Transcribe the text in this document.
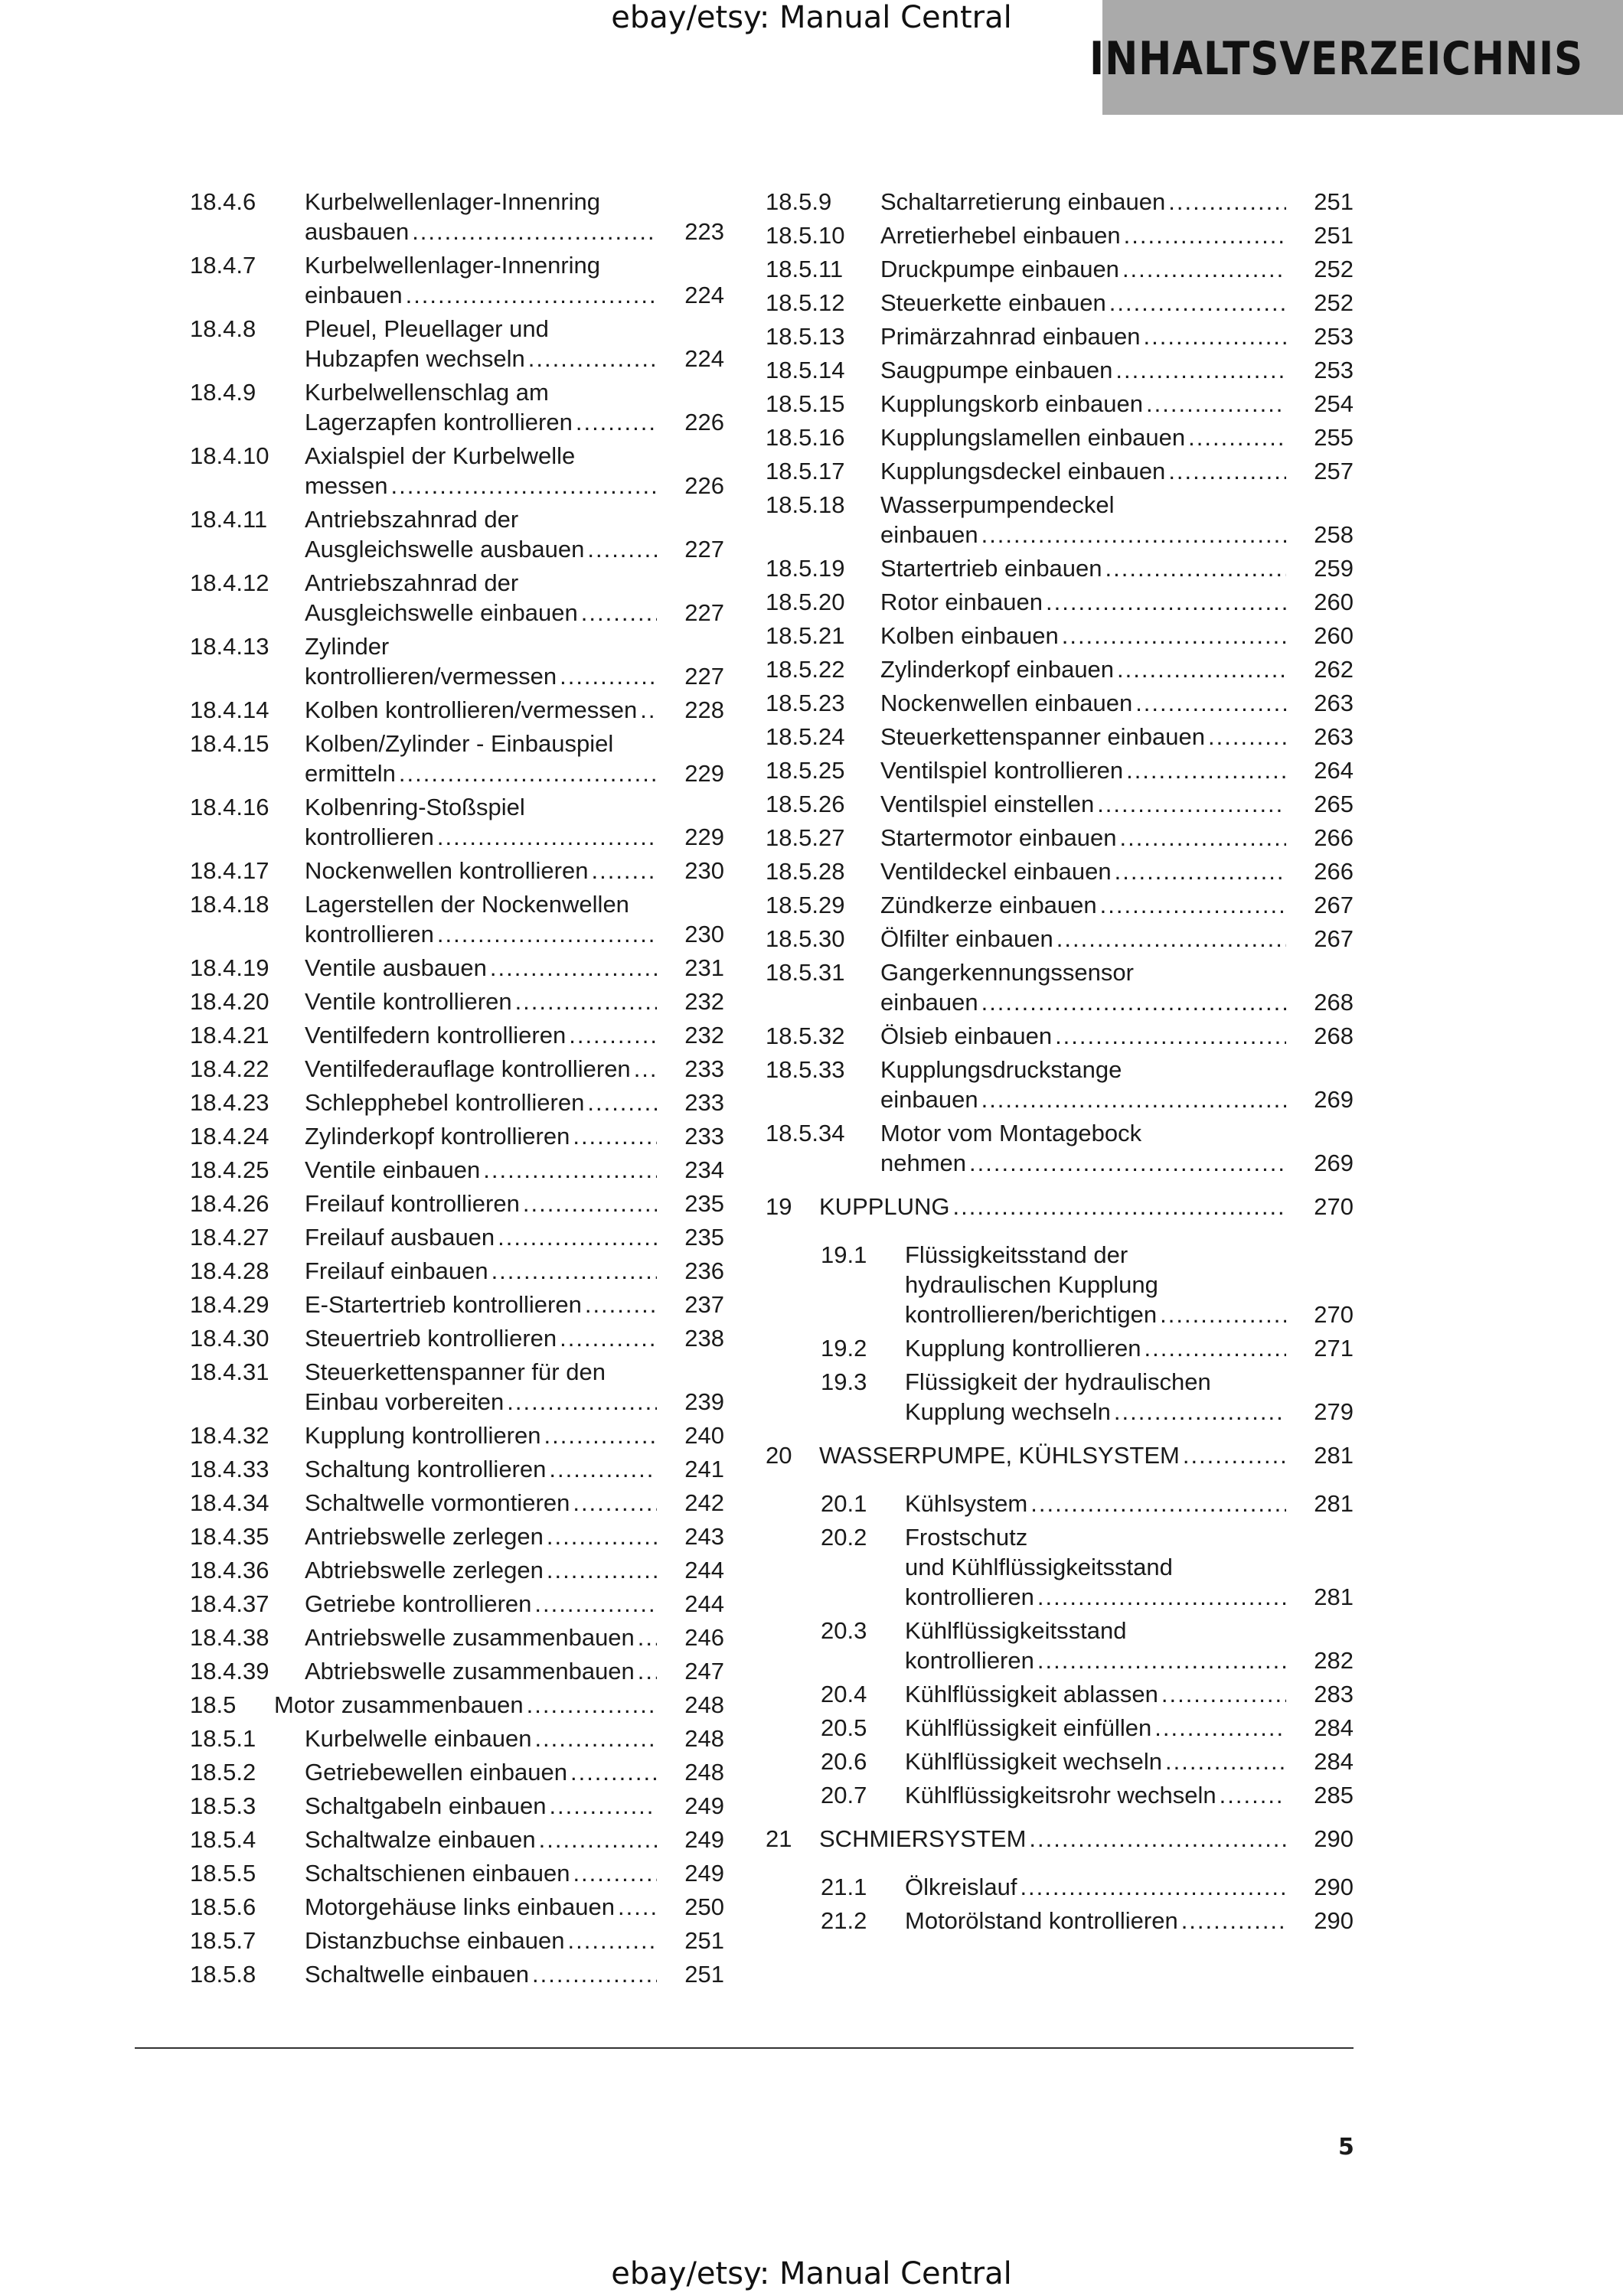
ebay/etsy: Manual Central
INHALTSVERZEICHNIS
18.4.6 Kurbelwellenlager-Innenring
ausbauen .....	223
18.4.7 Kurbelwellenlager-Innenring
einbauen .....	224
18.4.8 Pleuel, Pleuellager und
Hubzapfen wechseln .....	224
18.4.9 Kurbelwellenschlag am
Lagerzapfen kontrollieren .....	226
18.4.10 Axialspiel der Kurbelwelle
messen .....	226
18.4.11 Antriebszahnrad der
Ausgleichswelle ausbauen .....	227
18.4.12 Antriebszahnrad der
Ausgleichswelle einbauen .....	227
18.4.13 Zylinder
kontrollieren/vermessen .....	227
18.4.14 Kolben kontrollieren/vermessen ..... 228
18.4.15 Kolben/Zylinder - Einbauspiel
ermitteln .....	229
18.4.16 Kolbenring-Stoßspiel
kontrollieren .....	229
18.4.17 Nockenwellen kontrollieren .....	230
18.4.18 Lagerstellen der Nockenwellen
kontrollieren .....	230
18.4.19 Ventile ausbauen .....	231
18.4.20 Ventile kontrollieren .....	232
18.4.21 Ventilfedern kontrollieren .....	232
18.4.22 Ventilfederauflage kontrollieren ..... 233
18.4.23 Schlepphebel kontrollieren .....	233
18.4.24 Zylinderkopf kontrollieren .....	233
18.4.25 Ventile einbauen .....	234
18.4.26 Freilauf kontrollieren .....	235
18.4.27 Freilauf ausbauen .....	235
18.4.28 Freilauf einbauen .....	236
18.4.29 E-Startertrieb kontrollieren .....	237
18.4.30 Steuertrieb kontrollieren .....	238
18.4.31 Steuerkettenspanner für den
Einbau vorbereiten .....	239
18.4.32 Kupplung kontrollieren .....	240
18.4.33 Schaltung kontrollieren .....	241
18.4.34 Schaltwelle vormontieren .....	242
18.4.35 Antriebswelle zerlegen .....	243
18.4.36 Abtriebswelle zerlegen .....	244
18.4.37 Getriebe kontrollieren .....	244
18.4.38 Antriebswelle zusammenbauen ..... 246
18.4.39 Abtriebswelle zusammenbauen ..... 247
18.5 Motor zusammenbauen .....	248
18.5.1 Kurbelwelle einbauen .....	248
18.5.2 Getriebewellen einbauen .....	248
18.5.3 Schaltgabeln einbauen .....	249
18.5.4 Schaltwalze einbauen .....	249
18.5.5 Schaltschienen einbauen .....	249
18.5.6 Motorgehäuse links einbauen .....	250
18.5.7 Distanzbuchse einbauen .....	251
18.5.8 Schaltwelle einbauen .....	251
18.5.9 Schaltarretierung einbauen .....	251
18.5.10 Arretierhebel einbauen .....	251
18.5.11 Druckpumpe einbauen .....	252
18.5.12 Steuerkette einbauen .....	252
18.5.13 Primärzahnrad einbauen .....	253
18.5.14 Saugpumpe einbauen .....	253
18.5.15 Kupplungskorb einbauen .....	254
18.5.16 Kupplungslamellen einbauen .....	255
18.5.17 Kupplungsdeckel einbauen .....	257
18.5.18 Wasserpumpendeckel
einbauen .....	258
18.5.19 Startertrieb einbauen .....	259
18.5.20 Rotor einbauen .....	260
18.5.21 Kolben einbauen .....	260
18.5.22 Zylinderkopf einbauen .....	262
18.5.23 Nockenwellen einbauen .....	263
18.5.24 Steuerkettenspanner einbauen .....	263
18.5.25 Ventilspiel kontrollieren .....	264
18.5.26 Ventilspiel einstellen .....	265
18.5.27 Startermotor einbauen .....	266
18.5.28 Ventildeckel einbauen .....	266
18.5.29 Zündkerze einbauen .....	267
18.5.30 Ölfilter einbauen .....	267
18.5.31 Gangerkennungssensor
einbauen .....	268
18.5.32 Ölsieb einbauen .....	268
18.5.33 Kupplungsdruckstange
einbauen .....	269
18.5.34 Motor vom Montagebock
nehmen .....	269
19 KUPPLUNG .....	270
19.1 Flüssigkeitsstand der
hydraulischen Kupplung
kontrollieren/berichtigen .....	270
19.2 Kupplung kontrollieren .....	271
19.3 Flüssigkeit der hydraulischen
Kupplung wechseln .....	279
20 WASSERPUMPE, KÜHLSYSTEM .....	281
20.1 Kühlsystem .....	281
20.2 Frostschutz
und Kühlflüssigkeitsstand
kontrollieren .....	281
20.3 Kühlflüssigkeitsstand
kontrollieren .....	282
20.4 Kühlflüssigkeit ablassen .....	283
20.5 Kühlflüssigkeit einfüllen .....	284
20.6 Kühlflüssigkeit wechseln .....	284
20.7 Kühlflüssigkeitsrohr wechseln .....	285
21 SCHMIERSYSTEM .....	290
21.1 Ölkreislauf .....	290
21.2 Motorölstand kontrollieren .....	290
5
ebay/etsy: Manual Central
